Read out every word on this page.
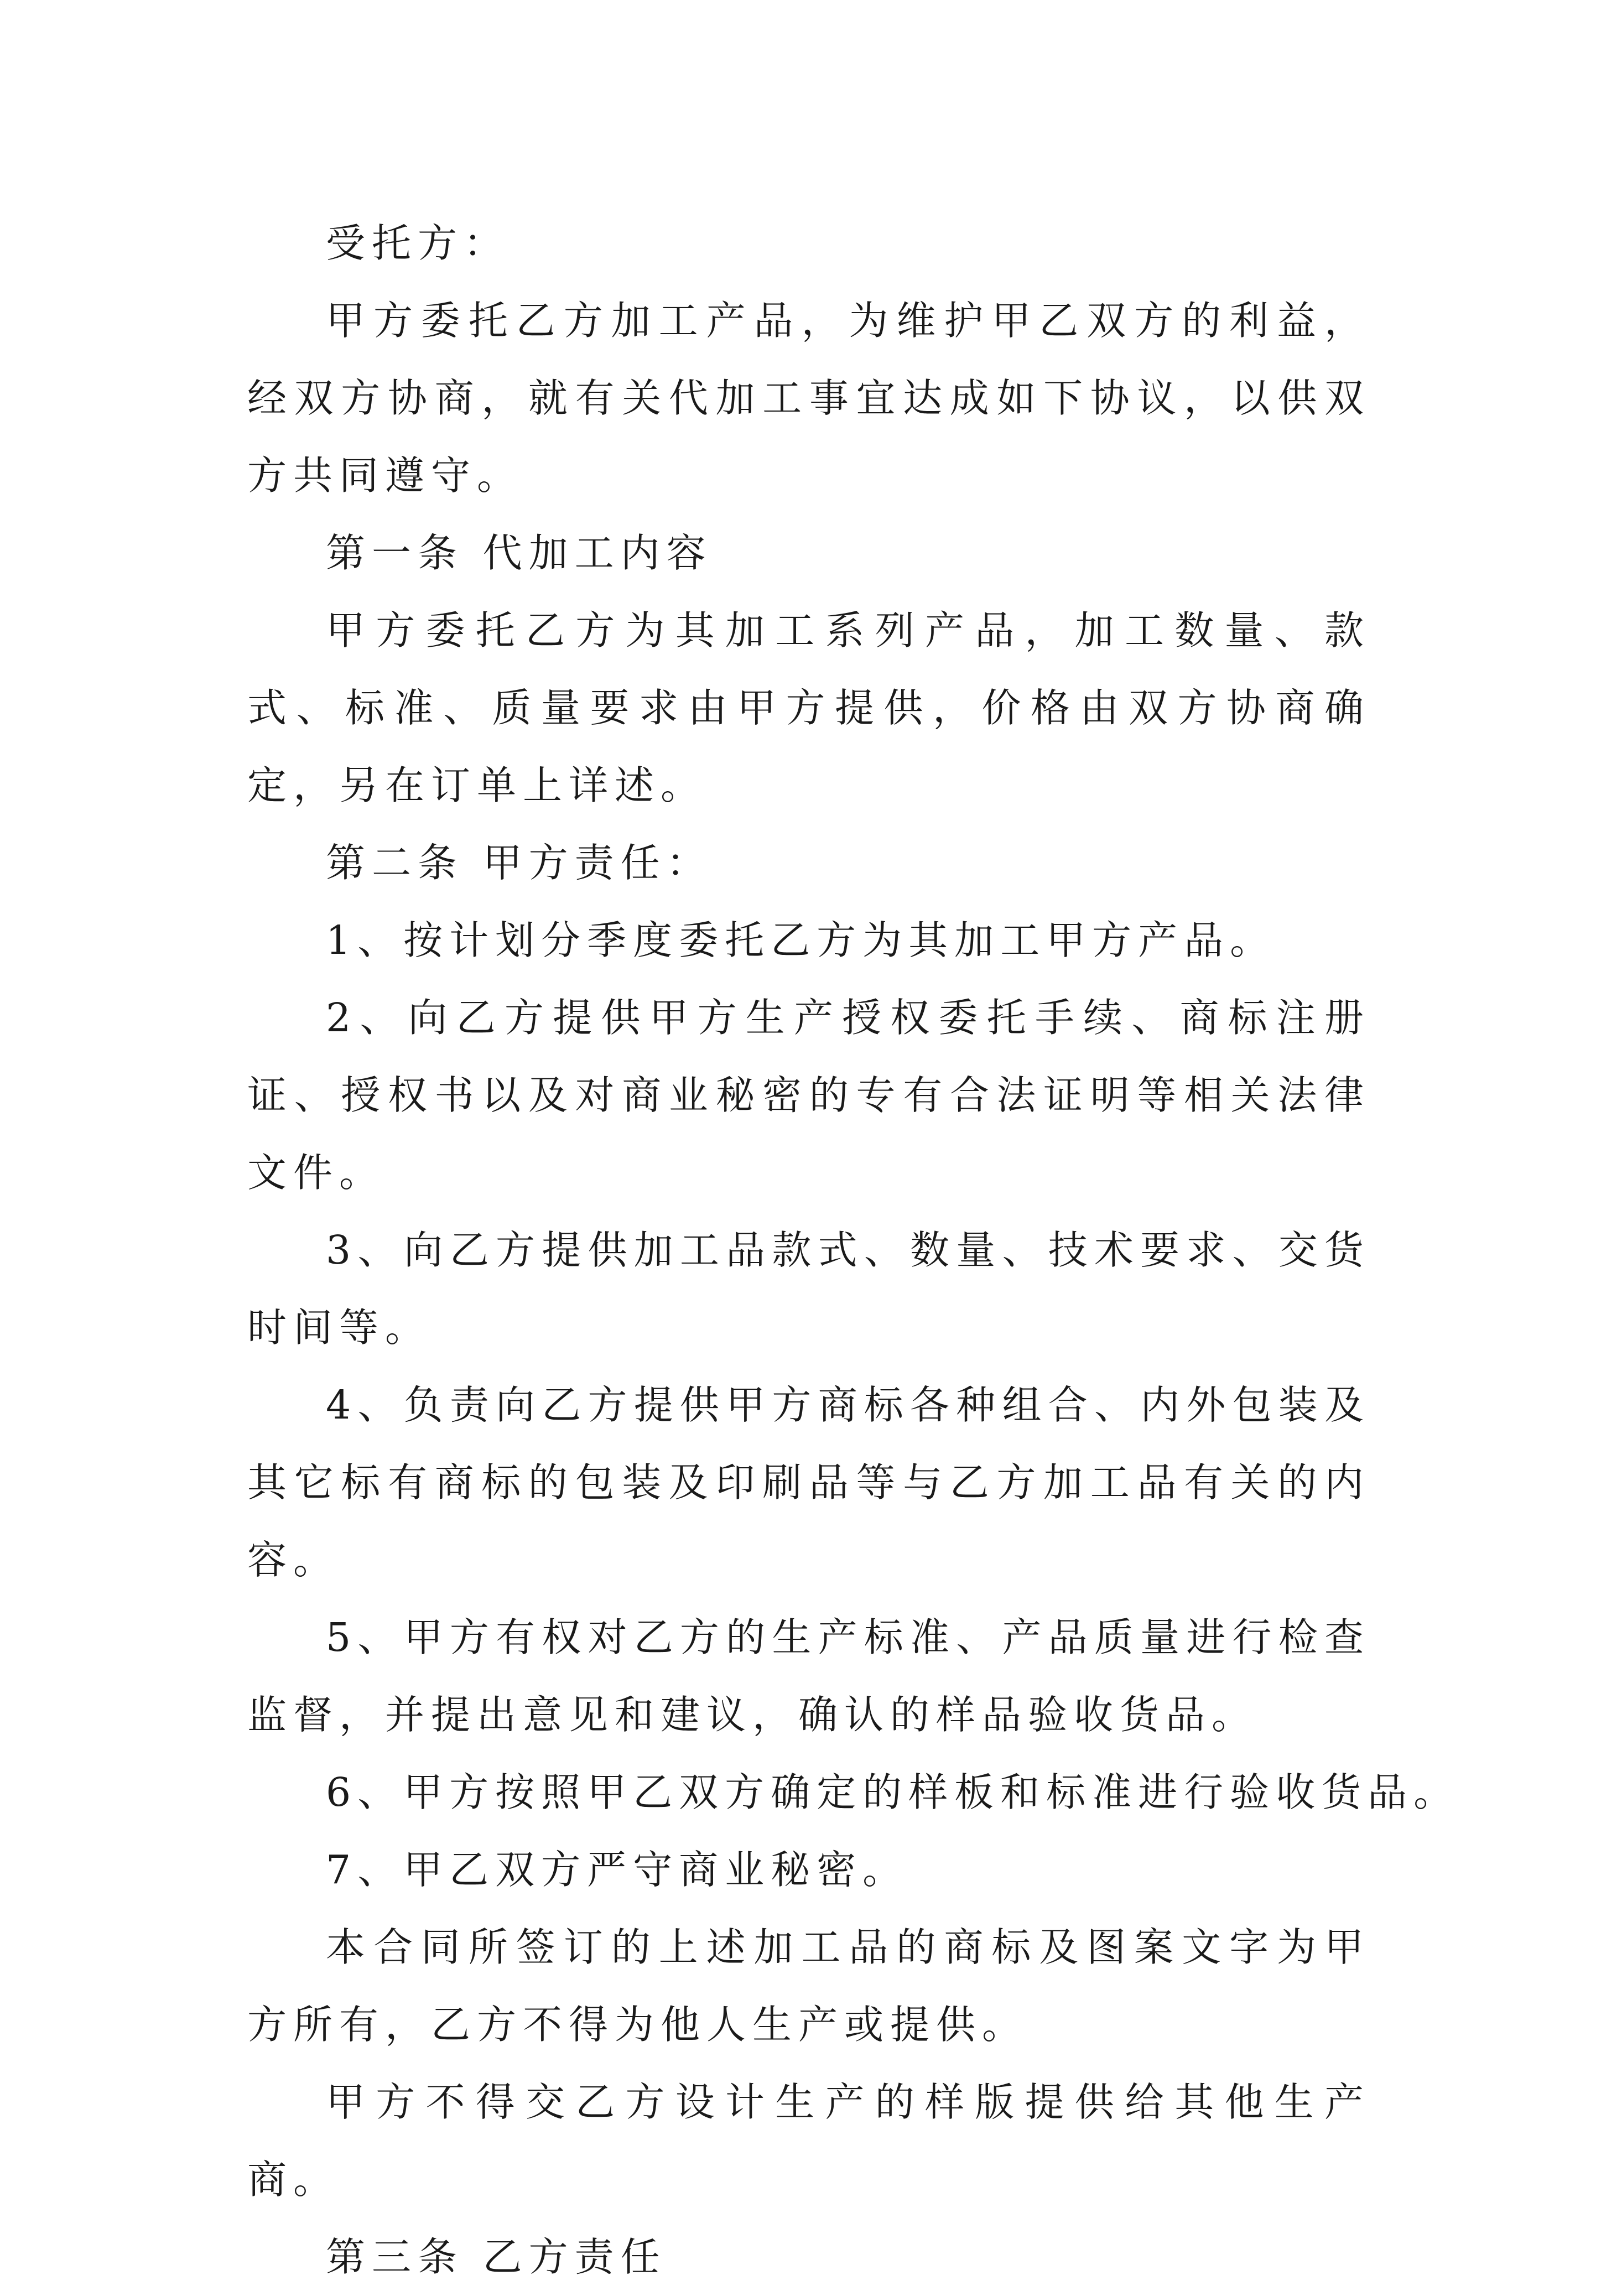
受托方：

甲方委托乙方加工产品，为维护甲乙双方的利益，经双方协商，就有关代加工事宜达成如下协议，以供双方共同遵守。

第一条 代加工内容

甲方委托乙方为其加工系列产品，加工数量、款式、标准、质量要求由甲方提供，价格由双方协商确定，另在订单上详述。

第二条 甲方责任：

1、按计划分季度委托乙方为其加工甲方产品。

2、向乙方提供甲方生产授权委托手续、商标注册证、授权书以及对商业秘密的专有合法证明等相关法律文件。

3、向乙方提供加工品款式、数量、技术要求、交货时间等。

4、负责向乙方提供甲方商标各种组合、内外包装及其它标有商标的包装及印刷品等与乙方加工品有关的内容。

5、甲方有权对乙方的生产标准、产品质量进行检查监督，并提出意见和建议，确认的样品验收货品。

6、甲方按照甲乙双方确定的样板和标准进行验收货品。

7、甲乙双方严守商业秘密。

本合同所签订的上述加工品的商标及图案文字为甲方所有，乙方不得为他人生产或提供。

甲方不得交乙方设计生产的样版提供给其他生产商。

第三条 乙方责任
